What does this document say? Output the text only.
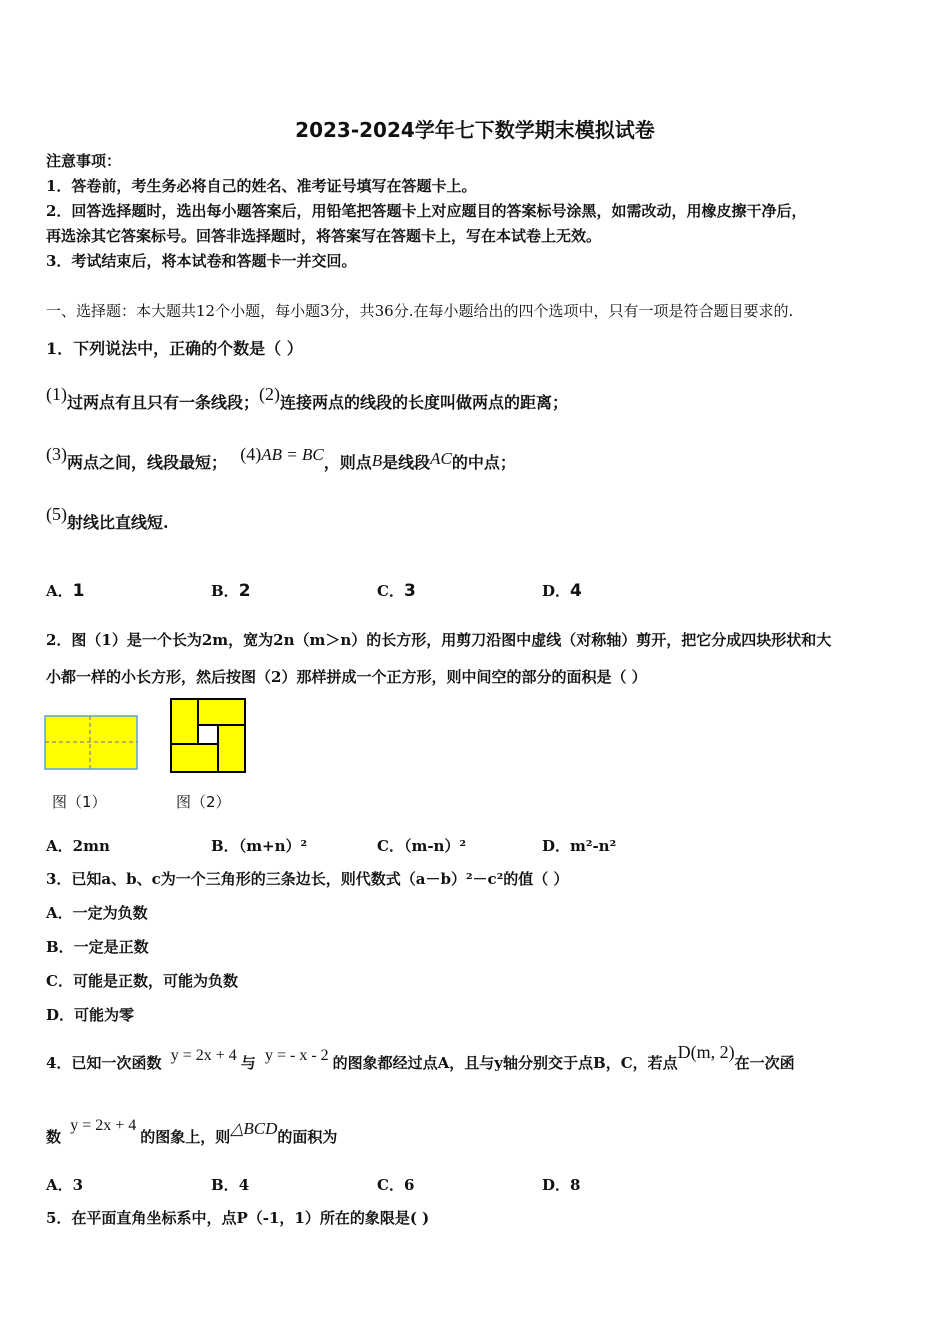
2023-2024学年七下数学期末模拟试卷
注意事项：
1．答卷前，考生务必将自己的姓名、准考证号填写在答题卡上。
2．回答选择题时，选出每小题答案后，用铅笔把答题卡上对应题目的答案标号涂黑，如需改动，用橡皮擦干净后，
再选涂其它答案标号。回答非选择题时，将答案写在答题卡上，写在本试卷上无效。
3．考试结束后，将本试卷和答题卡一并交回。
一、选择题：本大题共12个小题，每小题3分，共36分.在每小题给出的四个选项中，只有一项是符合题目要求的.
1．下列说法中，正确的个数是（ ）
(1)过两点有且只有一条线段；(2)连接两点的线段的长度叫做两点的距离；
(3)两点之间，线段最短； (4)AB = BC，则点B是线段AC的中点；
(5)射线比直线短.
A．1	B．2	C．3	D．4
2．图（1）是一个长为2m，宽为2n（m＞n）的长方形，用剪刀沿图中虚线（对称轴）剪开，把它分成四块形状和大
小都一样的小长方形，然后按图（2）那样拼成一个正方形，则中间空的部分的面积是（ ）
图（1）	图（2）
A．2mn	B．（m+n）²	C．（m-n）²	D．m²-n²
3．已知a、b、c为一个三角形的三条边长，则代数式（a－b）²－c²的值（ ）
A．一定为负数
B．一定是正数
C．可能是正数，可能为负数
D．可能为零
4．已知一次函数 y = 2x + 4 与 y = - x - 2 的图象都经过点A，且与y轴分别交于点B，C，若点D(m, 2)在一次函
数 y = 2x + 4的图象上，则△BCD的面积为
A．3	B．4	C．6	D．8
5．在平面直角坐标系中，点P（-1，1）所在的象限是( )
